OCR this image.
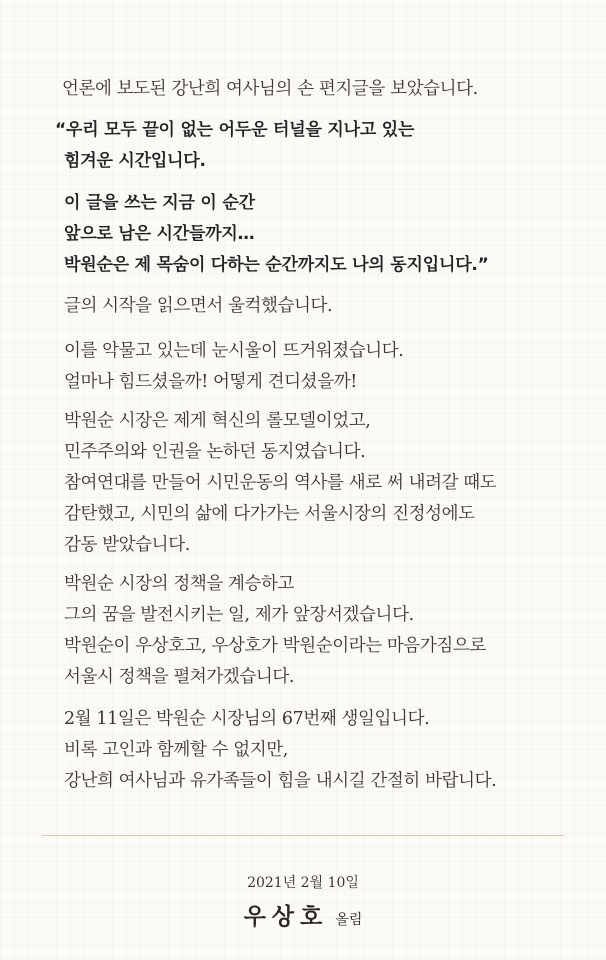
언론에 보도된 강난희 여사님의 손 편지글을 보았습니다.
“우리 모두 끝이 없는 어두운 터널을 지나고 있는
힘겨운 시간입니다.
이 글을 쓰는 지금 이 순간
앞으로 남은 시간들까지…
박원순은 제 목숨이 다하는 순간까지도 나의 동지입니다.”
글의 시작을 읽으면서 울컥했습니다.
이를 악물고 있는데 눈시울이 뜨거워졌습니다.
얼마나 힘드셨을까! 어떻게 견디셨을까!
박원순 시장은 제게 혁신의 롤모델이었고,
민주주의와 인권을 논하던 동지였습니다.
참여연대를 만들어 시민운동의 역사를 새로 써 내려갈 때도
감탄했고, 시민의 삶에 다가가는 서울시장의 진정성에도
감동 받았습니다.
박원순 시장의 정책을 계승하고
그의 꿈을 발전시키는 일, 제가 앞장서겠습니다.
박원순이 우상호고, 우상호가 박원순이라는 마음가짐으로
서울시 정책을 펼쳐가겠습니다.
2월 11일은 박원순 시장님의 67번째 생일입니다.
비록 고인과 함께할 수 없지만,
강난희 여사님과 유가족들이 힘을 내시길 간절히 바랍니다.
2021년 2월 10일
우상호 올림
